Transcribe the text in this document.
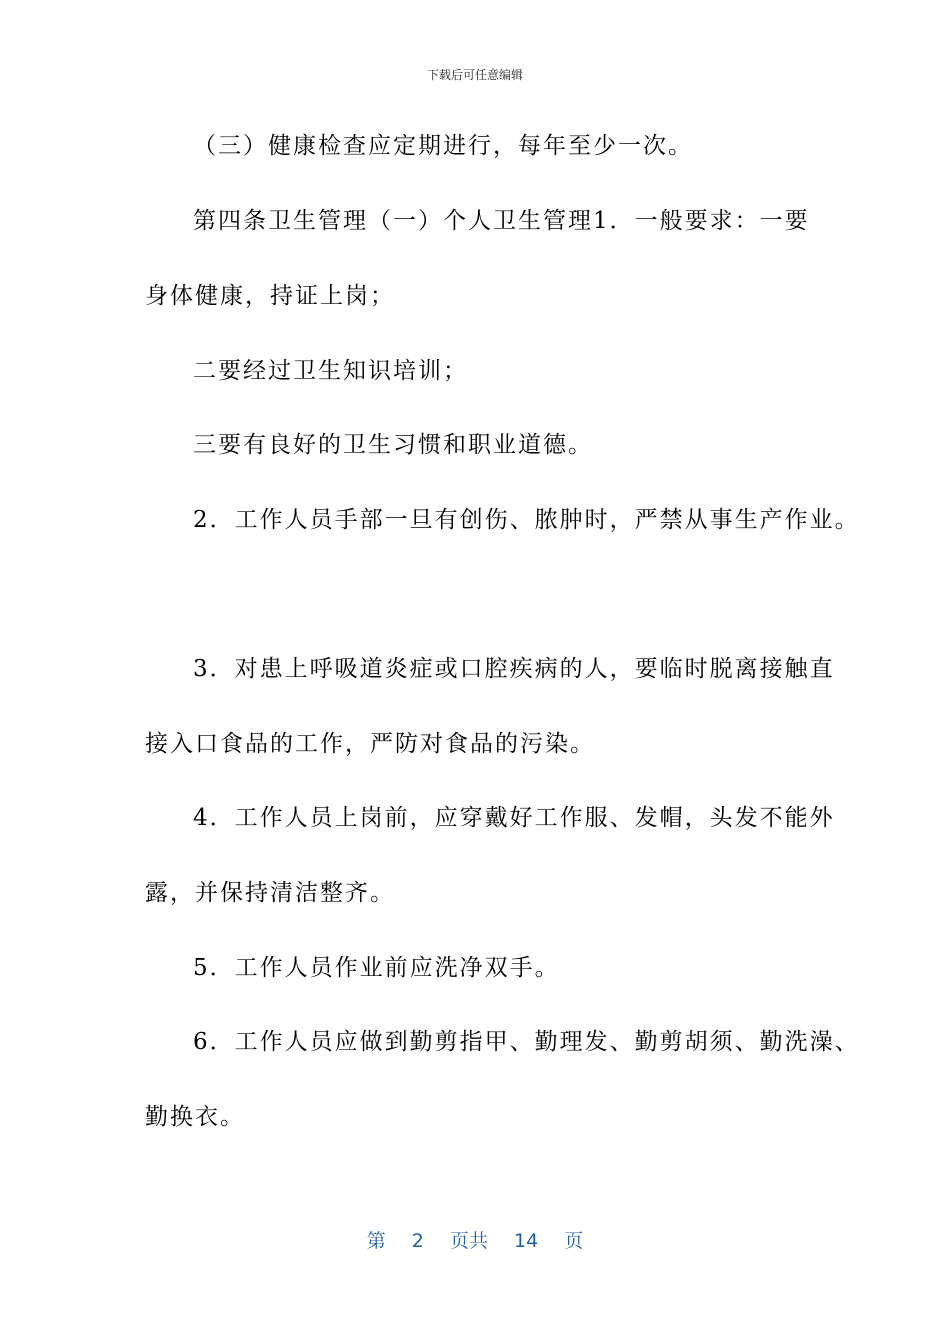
下载后可任意编辑
（三）健康检查应定期进行，每年至少一次。
第四条卫生管理（一）个人卫生管理1．一般要求：一要
身体健康，持证上岗；
二要经过卫生知识培训；
三要有良好的卫生习惯和职业道德。
2．工作人员手部一旦有创伤、脓肿时，严禁从事生产作业。
3．对患上呼吸道炎症或口腔疾病的人，要临时脱离接触直
接入口食品的工作，严防对食品的污染。
4．工作人员上岗前，应穿戴好工作服、发帽，头发不能外
露，并保持清洁整齐。
5．工作人员作业前应洗净双手。
6．工作人员应做到勤剪指甲、勤理发、勤剪胡须、勤洗澡、
勤换衣。
第 2 页共 14 页
